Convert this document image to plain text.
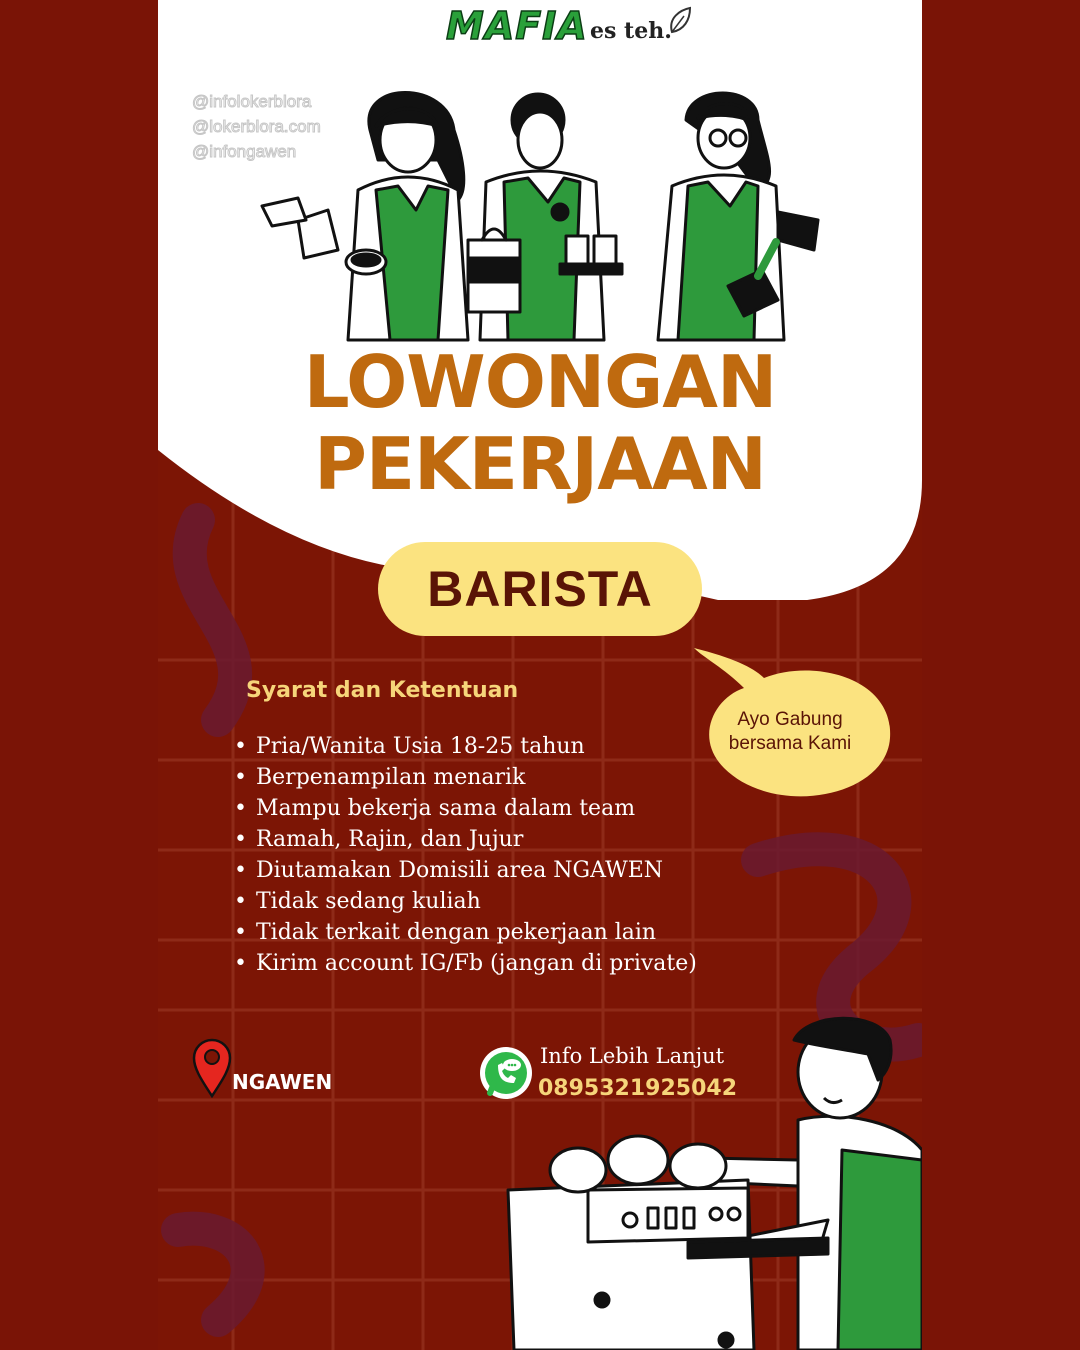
MAFIA es teh.
@infolokerblora
@lokerblora.com
@infongawen
LOWONGAN
PEKERJAAN
BARISTA
Ayo Gabung
bersama Kami
Syarat dan Ketentuan
• Pria/Wanita Usia 18-25 tahun
• Berpenampilan menarik
• Mampu bekerja sama dalam team
• Ramah, Rajin, dan Jujur
• Diutamakan Domisili area NGAWEN
• Tidak sedang kuliah
• Tidak terkait dengan pekerjaan lain
• Kirim account IG/Fb (jangan di private)
NGAWEN
Info Lebih Lanjut
0895321925042
